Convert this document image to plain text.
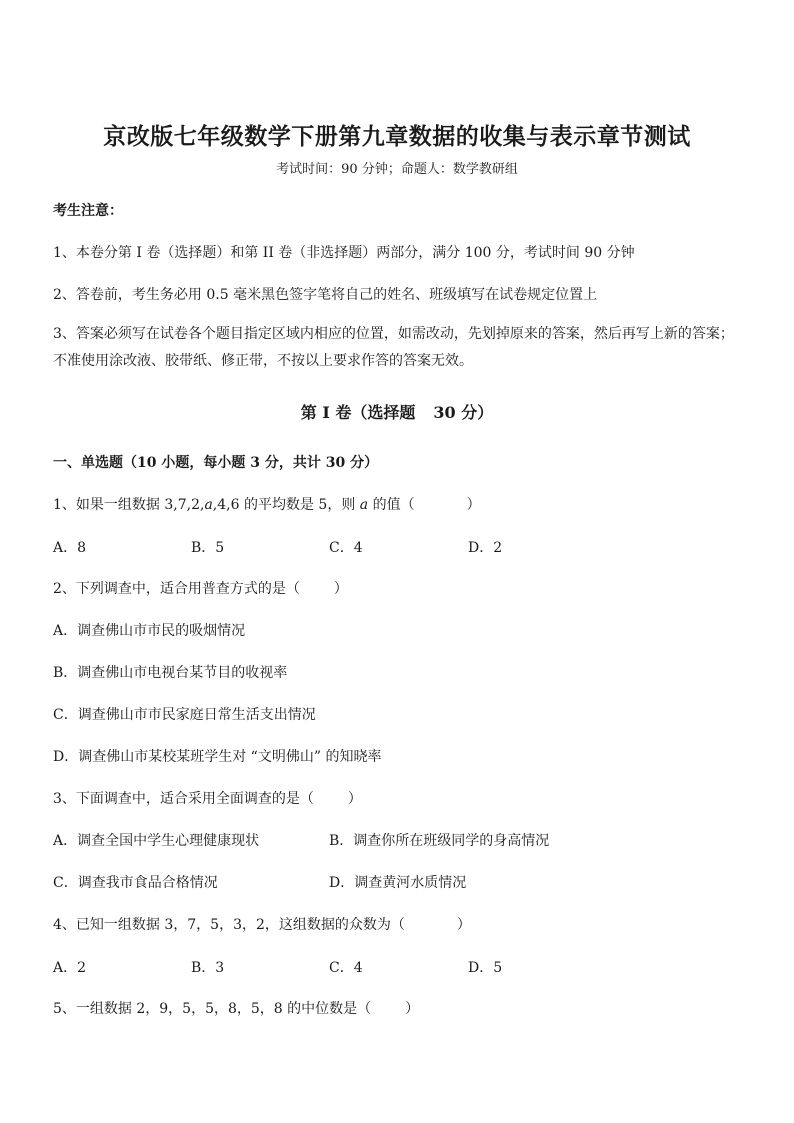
京改版七年级数学下册第九章数据的收集与表示章节测试
考试时间：90 分钟；命题人：数学教研组
考生注意：
1、本卷分第 I 卷（选择题）和第 II 卷（非选择题）两部分，满分 100 分，考试时间 90 分钟
2、答卷前，考生务必用 0.5 毫米黑色签字笔将自己的姓名、班级填写在试卷规定位置上
3、答案必须写在试卷各个题目指定区域内相应的位置，如需改动，先划掉原来的答案，然后再写上新的答案；不准使用涂改液、胶带纸、修正带，不按以上要求作答的答案无效。
第 I 卷（选择题 30 分）
一、单选题（10 小题，每小题 3 分，共计 30 分）
1、如果一组数据 3,7,2,a,4,6 的平均数是 5，则 a 的值（	）
A．8	B．5	C．4	D．2
2、下列调查中，适合用普查方式的是（ ）
A．调查佛山市市民的吸烟情况
B．调查佛山市电视台某节目的收视率
C．调查佛山市市民家庭日常生活支出情况
D．调查佛山市某校某班学生对 “文明佛山” 的知晓率
3、下面调查中，适合采用全面调查的是（ ）
A．调查全国中学生心理健康现状	B．调查你所在班级同学的身高情况
C．调查我市食品合格情况	D．调查黄河水质情况
4、已知一组数据 3，7，5，3，2，这组数据的众数为（	）
A．2	B．3	C．4	D．5
5、一组数据 2，9，5，5，8，5，8 的中位数是（ ）
